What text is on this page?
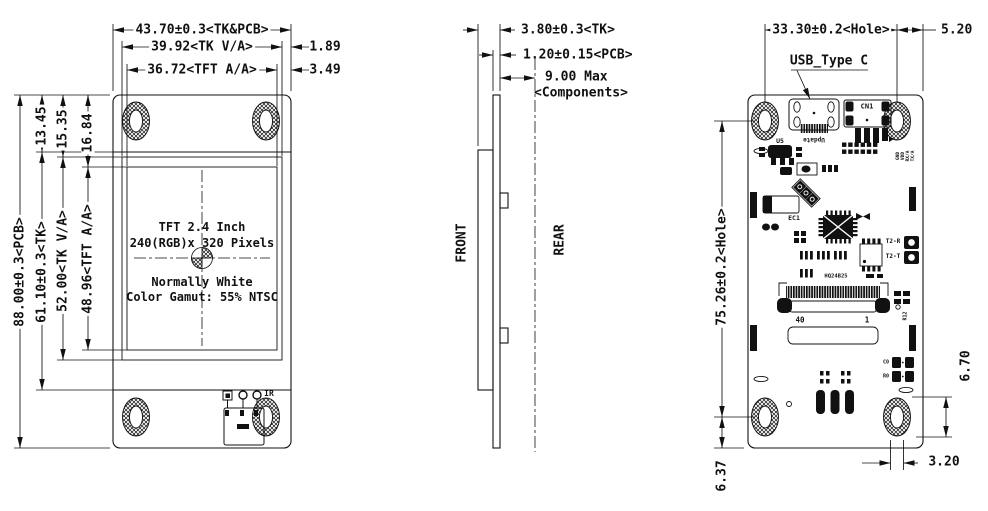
43.70±0.3<TK&PCB>
39.92<TK V/A>	1.89
36.72<TFT A/A>	3.49
13.45 15.35 16.84
88.00±0.3<PCB> 61.10±0.3<TK> 52.00<TK V/A> 48.96<TFT A/A>	TFT 2.4 Inch
240(RGB)x 320 Pixels
Normally White
Color Gamut: 55% NTSC
IR
3.80±0.3<TK>
1.20±0.15<PCB>
9.00 Max
<Components>
FRONT	REAR
33.30±0.2<Hole>	5.20
USB_Type C
75.26±0.2<Hole>
6.37
6.70
3.20
CN1
U5	Update
EC1
HQ24B25
40	1
T2-R
T2-T
C0
R0
R12
GND VDD RX/A TX/A
